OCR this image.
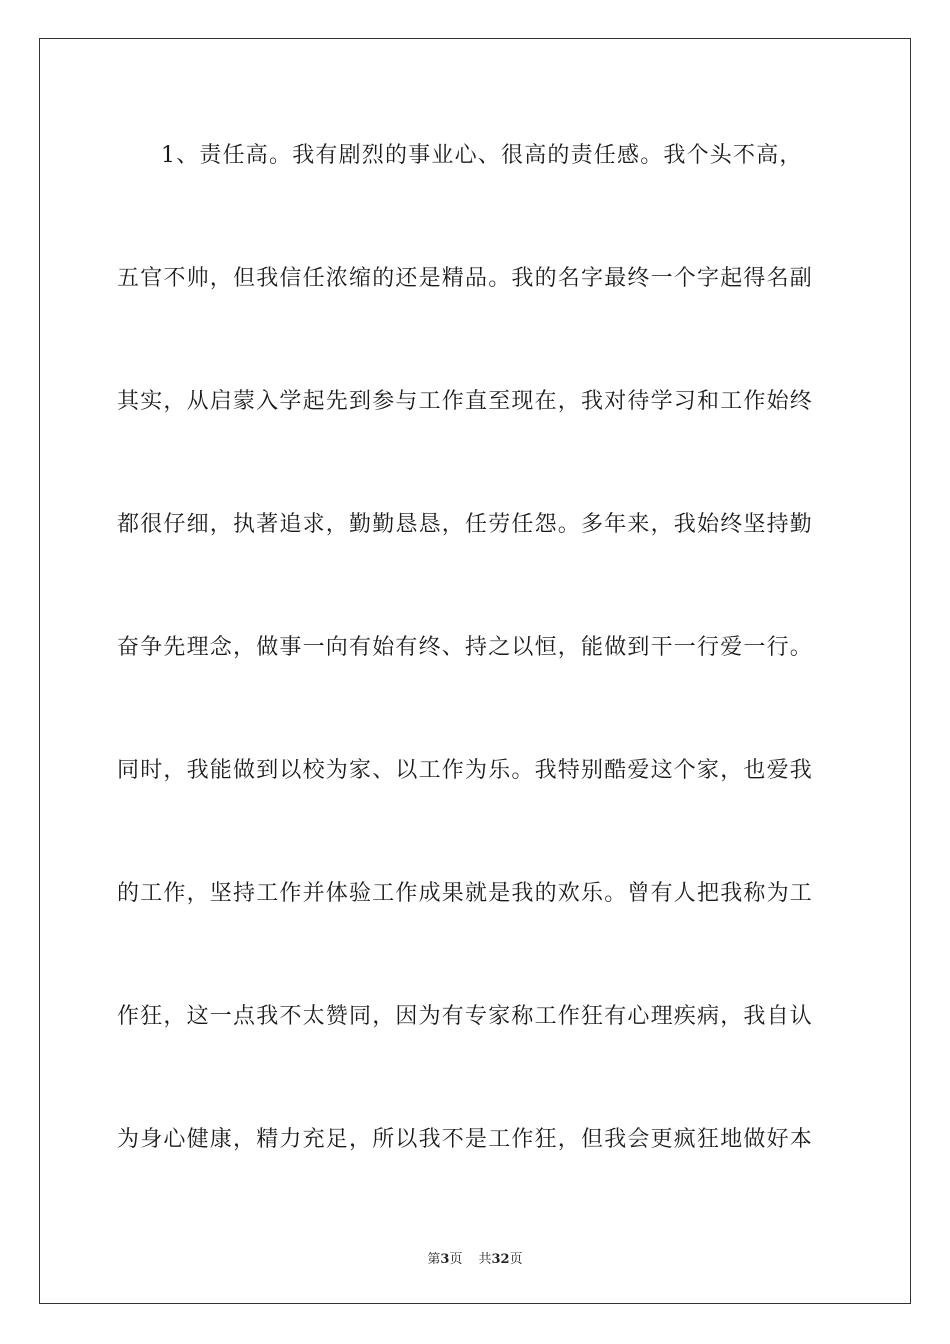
1、责任高。我有剧烈的事业心、很高的责任感。我个头不高，
五官不帅，但我信任浓缩的还是精品。我的名字最终一个字起得名副
其实，从启蒙入学起先到参与工作直至现在，我对待学习和工作始终
都很仔细，执著追求，勤勤恳恳，任劳任怨。多年来，我始终坚持勤
奋争先理念，做事一向有始有终、持之以恒，能做到干一行爱一行。
同时，我能做到以校为家、以工作为乐。我特别酷爱这个家，也爱我
的工作，坚持工作并体验工作成果就是我的欢乐。曾有人把我称为工
作狂，这一点我不太赞同，因为有专家称工作狂有心理疾病，我自认
为身心健康，精力充足，所以我不是工作狂，但我会更疯狂地做好本
第3页 共32页
